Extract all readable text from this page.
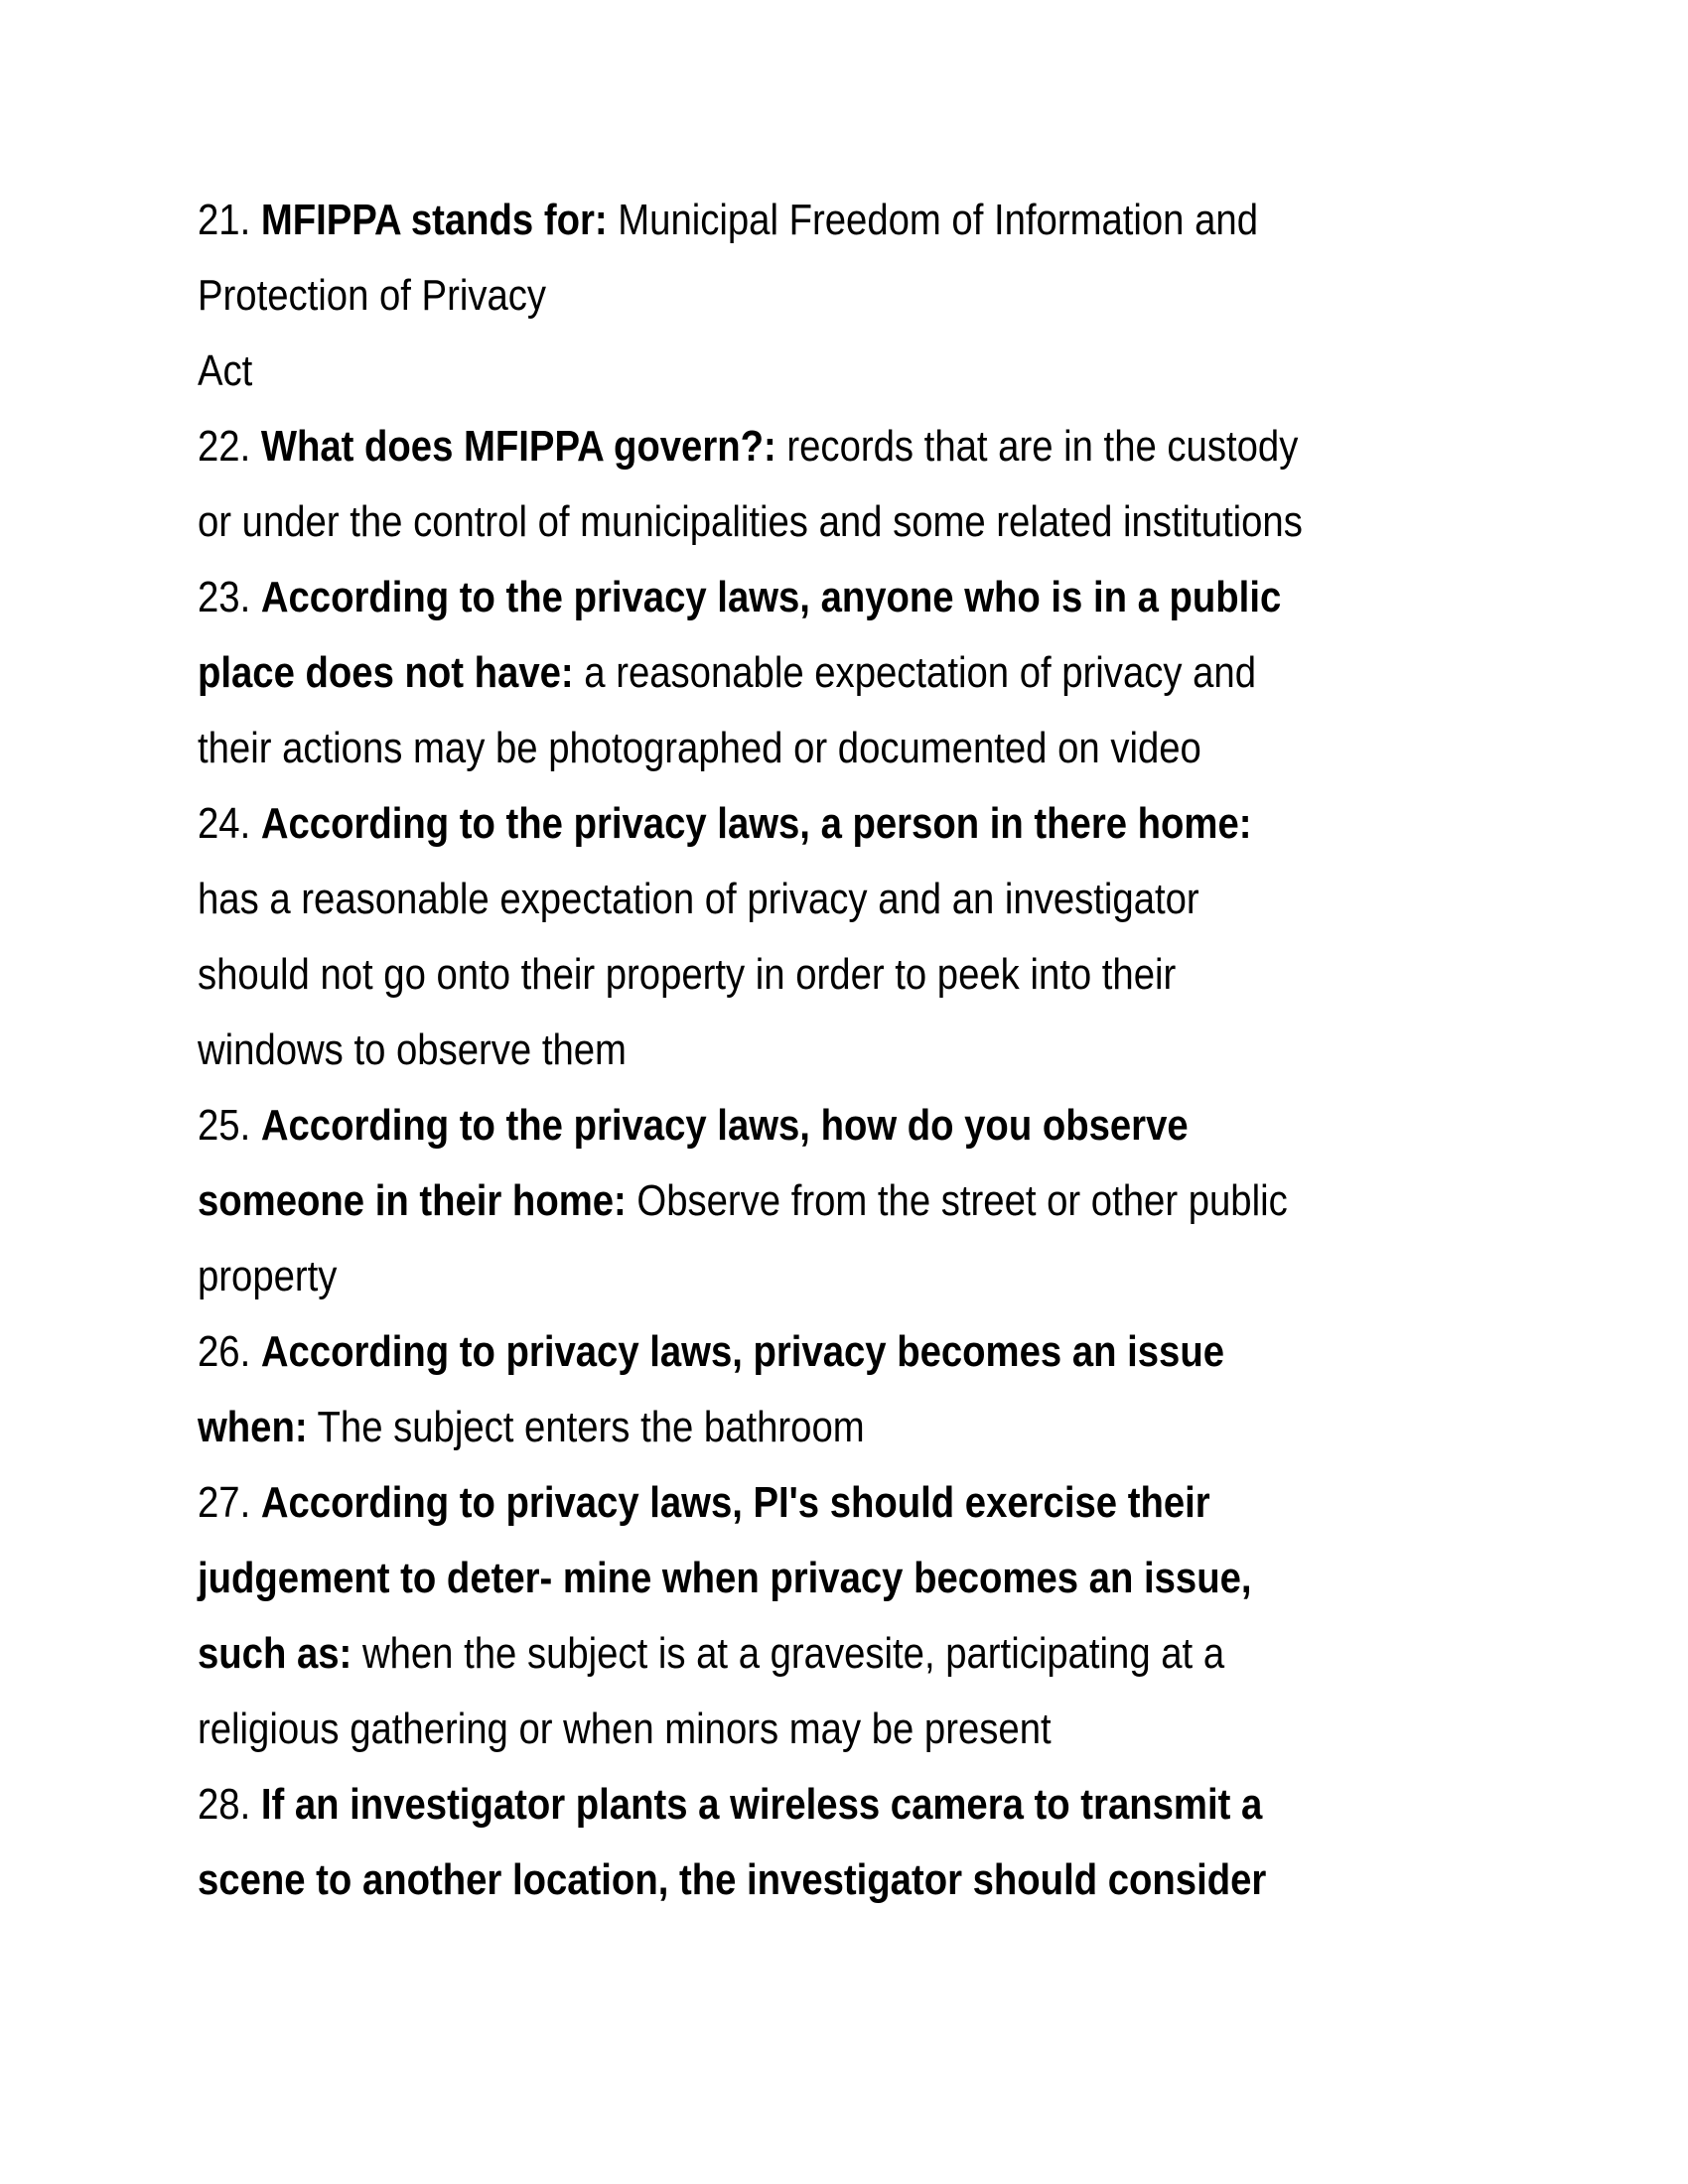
21. MFIPPA stands for: Municipal Freedom of Information and
Protection of Privacy
Act
22. What does MFIPPA govern?: records that are in the custody
or under the control of municipalities and some related institutions
23. According to the privacy laws, anyone who is in a public
place does not have: a reasonable expectation of privacy and
their actions may be photographed or documented on video
24. According to the privacy laws, a person in there home:
has a reasonable expectation of privacy and an investigator
should not go onto their property in order to peek into their
windows to observe them
25. According to the privacy laws, how do you observe
someone in their home: Observe from the street or other public
property
26. According to privacy laws, privacy becomes an issue
when: The subject enters the bathroom
27. According to privacy laws, PI's should exercise their
judgement to deter- mine when privacy becomes an issue,
such as: when the subject is at a gravesite, participating at a
religious gathering or when minors may be present
28. If an investigator plants a wireless camera to transmit a
scene to another location, the investigator should consider
